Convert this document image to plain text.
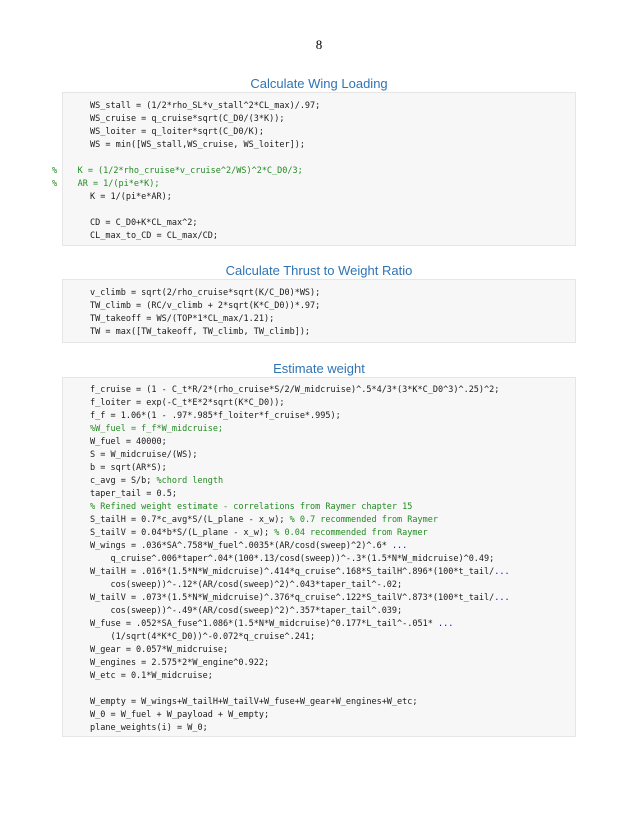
8
Calculate Wing Loading
WS_stall = (1/2*rho_SL*v_stall^2*CL_max)/.97;
WS_cruise = q_cruise*sqrt(C_D0/(3*K));
WS_loiter = q_loiter*sqrt(C_D0/K);
WS = min([WS_stall,WS_cruise, WS_loiter]);
%    K = (1/2*rho_cruise*v_cruise^2/WS)^2*C_D0/3;
%    AR = 1/(pi*e*K);
K = 1/(pi*e*AR);
CD = C_D0+K*CL_max^2;
CL_max_to_CD = CL_max/CD;
Calculate Thrust to Weight Ratio
v_climb = sqrt(2/rho_cruise*sqrt(K/C_D0)*WS);
TW_climb = (RC/v_climb + 2*sqrt(K*C_D0))*.97;
TW_takeoff = WS/(TOP*1*CL_max/1.21);
TW = max([TW_takeoff, TW_climb, TW_climb]);
Estimate weight
f_cruise = (1 - C_t*R/2*(rho_cruise*S/2/W_midcruise)^.5*4/3*(3*K*C_D0^3)^.25)^2;
f_loiter = exp(-C_t*E*2*sqrt(K*C_D0));
f_f = 1.06*(1 - .97*.985*f_loiter*f_cruise*.995);
%W_fuel = f_f*W_midcruise;
W_fuel = 40000;
S = W_midcruise/(WS);
b = sqrt(AR*S);
c_avg = S/b; %chord length
taper_tail = 0.5;
% Refined weight estimate - correlations from Raymer chapter 15
S_tailH = 0.7*c_avg*S/(L_plane - x_w); % 0.7 recommended from Raymer
S_tailV = 0.04*b*S/(L_plane - x_w); % 0.04 recommended from Raymer
W_wings = .036*SA^.758*W_fuel^.0035*(AR/cosd(sweep)^2)^.6* ...
q_cruise^.006*taper^.04*(100*.13/cosd(sweep))^-.3*(1.5*N*W_midcruise)^0.49;
W_tailH = .016*(1.5*N*W_midcruise)^.414*q_cruise^.168*S_tailH^.896*(100*t_tail/...
cos(sweep))^-.12*(AR/cosd(sweep)^2)^.043*taper_tail^-.02;
W_tailV = .073*(1.5*N*W_midcruise)^.376*q_cruise^.122*S_tailV^.873*(100*t_tail/...
cos(sweep))^-.49*(AR/cosd(sweep)^2)^.357*taper_tail^.039;
W_fuse = .052*SA_fuse^1.086*(1.5*N*W_midcruise)^0.177*L_tail^-.051* ...
(1/sqrt(4*K*C_D0))^-0.072*q_cruise^.241;
W_gear = 0.057*W_midcruise;
W_engines = 2.575*2*W_engine^0.922;
W_etc = 0.1*W_midcruise;
W_empty = W_wings+W_tailH+W_tailV+W_fuse+W_gear+W_engines+W_etc;
W_0 = W_fuel + W_payload + W_empty;
plane_weights(i) = W_0;
